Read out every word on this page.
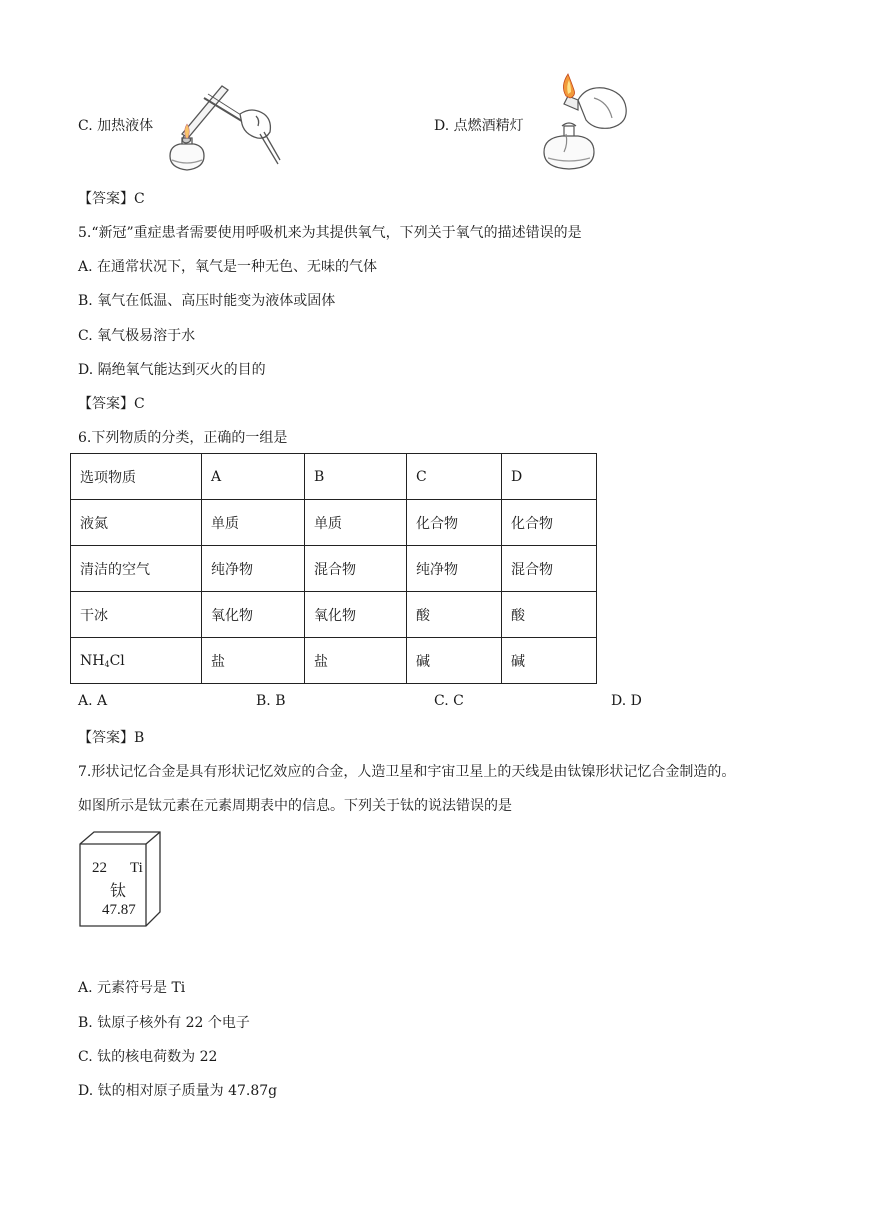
C. 加热液体	D. 点燃酒精灯
【答案】C
5.“新冠”重症患者需要使用呼吸机来为其提供氧气，下列关于氧气的描述错误的是
A. 在通常状况下，氧气是一种无色、无味的气体
B. 氧气在低温、高压时能变为液体或固体
C. 氧气极易溶于水
D. 隔绝氧气能达到灭火的目的
【答案】C
6.下列物质的分类，正确的一组是
选项物质	A	B	C	D
液氮	单质	单质	化合物	化合物
清洁的空气	纯净物	混合物	纯净物	混合物
干冰	氧化物	氧化物	酸	酸
$NH_4Cl$	盐	盐	碱	碱
A. A	B. B	C. C	D. D
【答案】B
7.形状记忆合金是具有形状记忆效应的合金，人造卫星和宇宙卫星上的天线是由钛镍形状记忆合金制造的。
如图所示是钛元素在元素周期表中的信息。下列关于钛的说法错误的是
22 Ti
钛
47.87
A. 元素符号是 Ti
B. 钛原子核外有 22 个电子
C. 钛的核电荷数为 22
D. 钛的相对原子质量为 47.87g
